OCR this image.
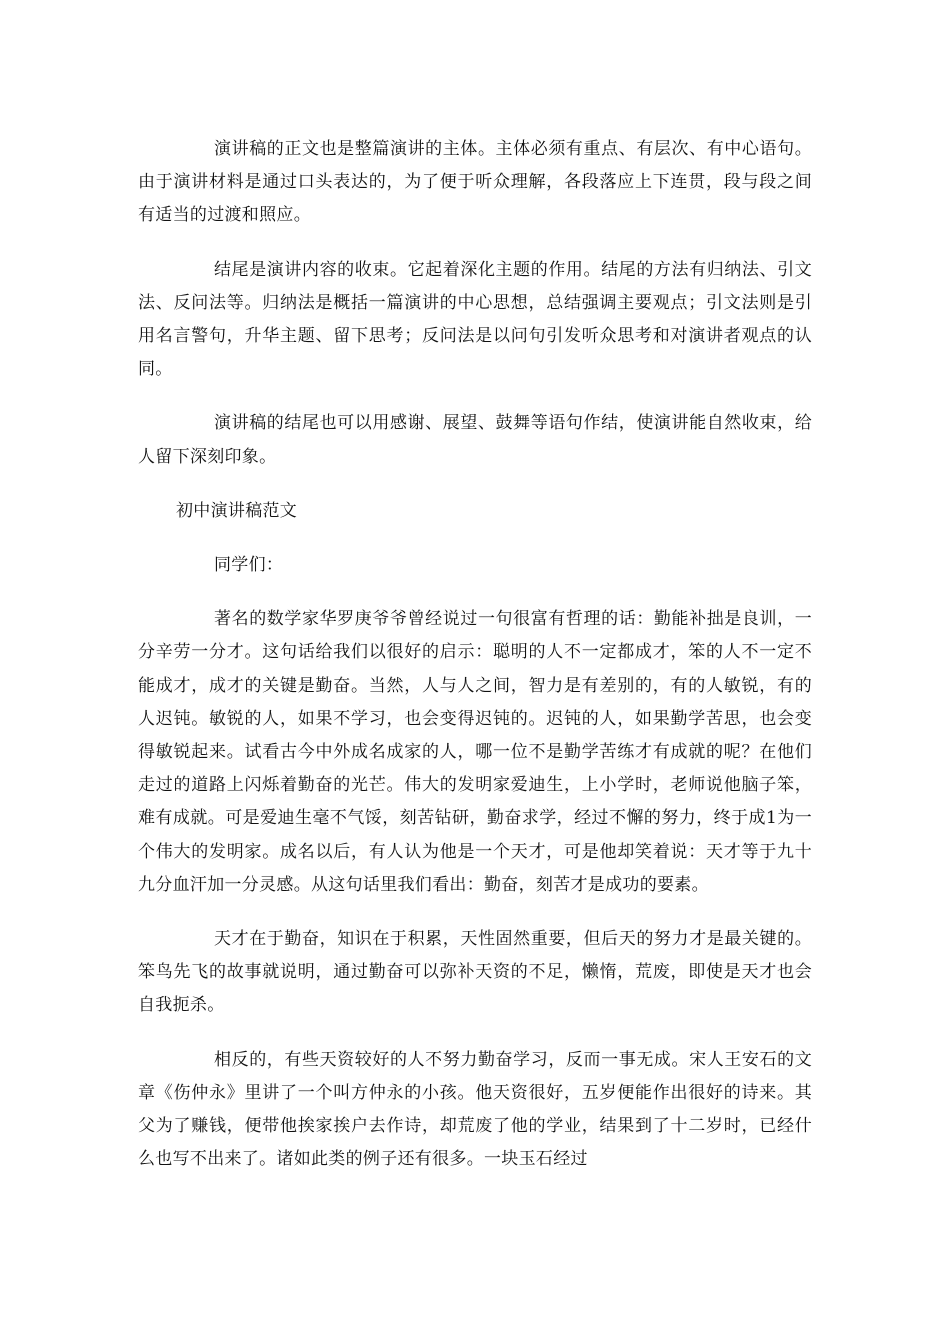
演讲稿的正文也是整篇演讲的主体。主体必须有重点、有层次、有中心语句。由于演讲材料是通过口头表达的，为了便于听众理解，各段落应上下连贯，段与段之间有适当的过渡和照应。

结尾是演讲内容的收束。它起着深化主题的作用。结尾的方法有归纳法、引文法、反问法等。归纳法是概括一篇演讲的中心思想，总结强调主要观点；引文法则是引用名言警句，升华主题、留下思考；反问法是以问句引发听众思考和对演讲者观点的认同。

演讲稿的结尾也可以用感谢、展望、鼓舞等语句作结，使演讲能自然收束，给人留下深刻印象。

初中演讲稿范文

同学们：

著名的数学家华罗庚爷爷曾经说过一句很富有哲理的话：勤能补拙是良训，一分辛劳一分才。这句话给我们以很好的启示：聪明的人不一定都成才，笨的人不一定不能成才，成才的关键是勤奋。当然，人与人之间，智力是有差别的，有的人敏锐，有的人迟钝。敏锐的人，如果不学习，也会变得迟钝的。迟钝的人，如果勤学苦思，也会变得敏锐起来。试看古今中外成名成家的人，哪一位不是勤学苦练才有成就的呢？在他们走过的道路上闪烁着勤奋的光芒。伟大的发明家爱迪生，上小学时，老师说他脑子笨，难有成就。可是爱迪生毫不气馁，刻苦钻研，勤奋求学，经过不懈的努力，终于成1为一个伟大的发明家。成名以后，有人认为他是一个天才，可是他却笑着说：天才等于九十九分血汗加一分灵感。从这句话里我们看出：勤奋，刻苦才是成功的要素。

天才在于勤奋，知识在于积累，天性固然重要，但后天的努力才是最关键的。笨鸟先飞的故事就说明，通过勤奋可以弥补天资的不足，懒惰，荒废，即使是天才也会自我扼杀。

相反的，有些天资较好的人不努力勤奋学习，反而一事无成。宋人王安石的文章《伤仲永》里讲了一个叫方仲永的小孩。他天资很好，五岁便能作出很好的诗来。其父为了赚钱，便带他挨家挨户去作诗，却荒废了他的学业，结果到了十二岁时，已经什么也写不出来了。诸如此类的例子还有很多。一块玉石经过
